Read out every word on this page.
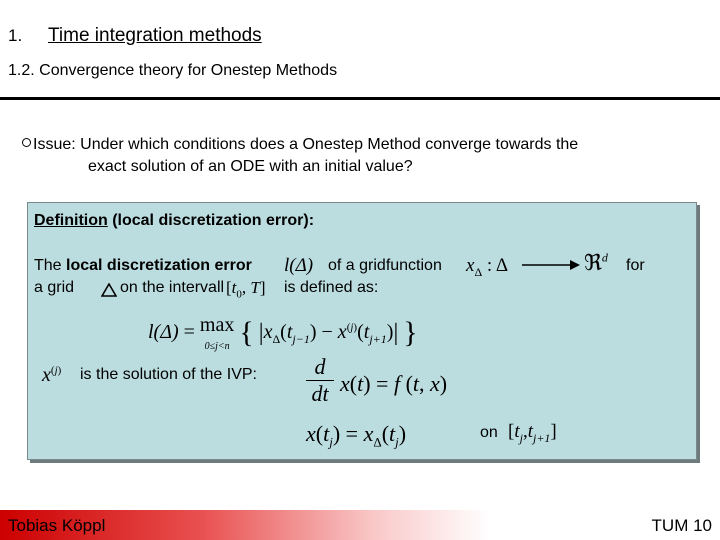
1. Time integration methods
1.2. Convergence theory for Onestep Methods
Issue: Under which conditions does a Onestep Method converge towards the
exact solution of an ODE with an initial value?
Definition (local discretization error):
The local discretization error l(Δ) of a gridfunction $x_\Delta$ : Δ	ℜ$^d$ for
a grid	on the intervall [$t_0$, T] is defined as:
l(Δ) = max
0≤j<n { $|x_\Delta(t_{j-1}) - x^{(j)}(t_{j+1})|$ }
$x^{(j)}$ is the solution of the IVP:	d
dt x(t) = f (t, x)
$x(t_j) = x_\Delta(t_j)$	on $[t_j,t_{j+1}]$
Tobias Köppl	TUM 10
